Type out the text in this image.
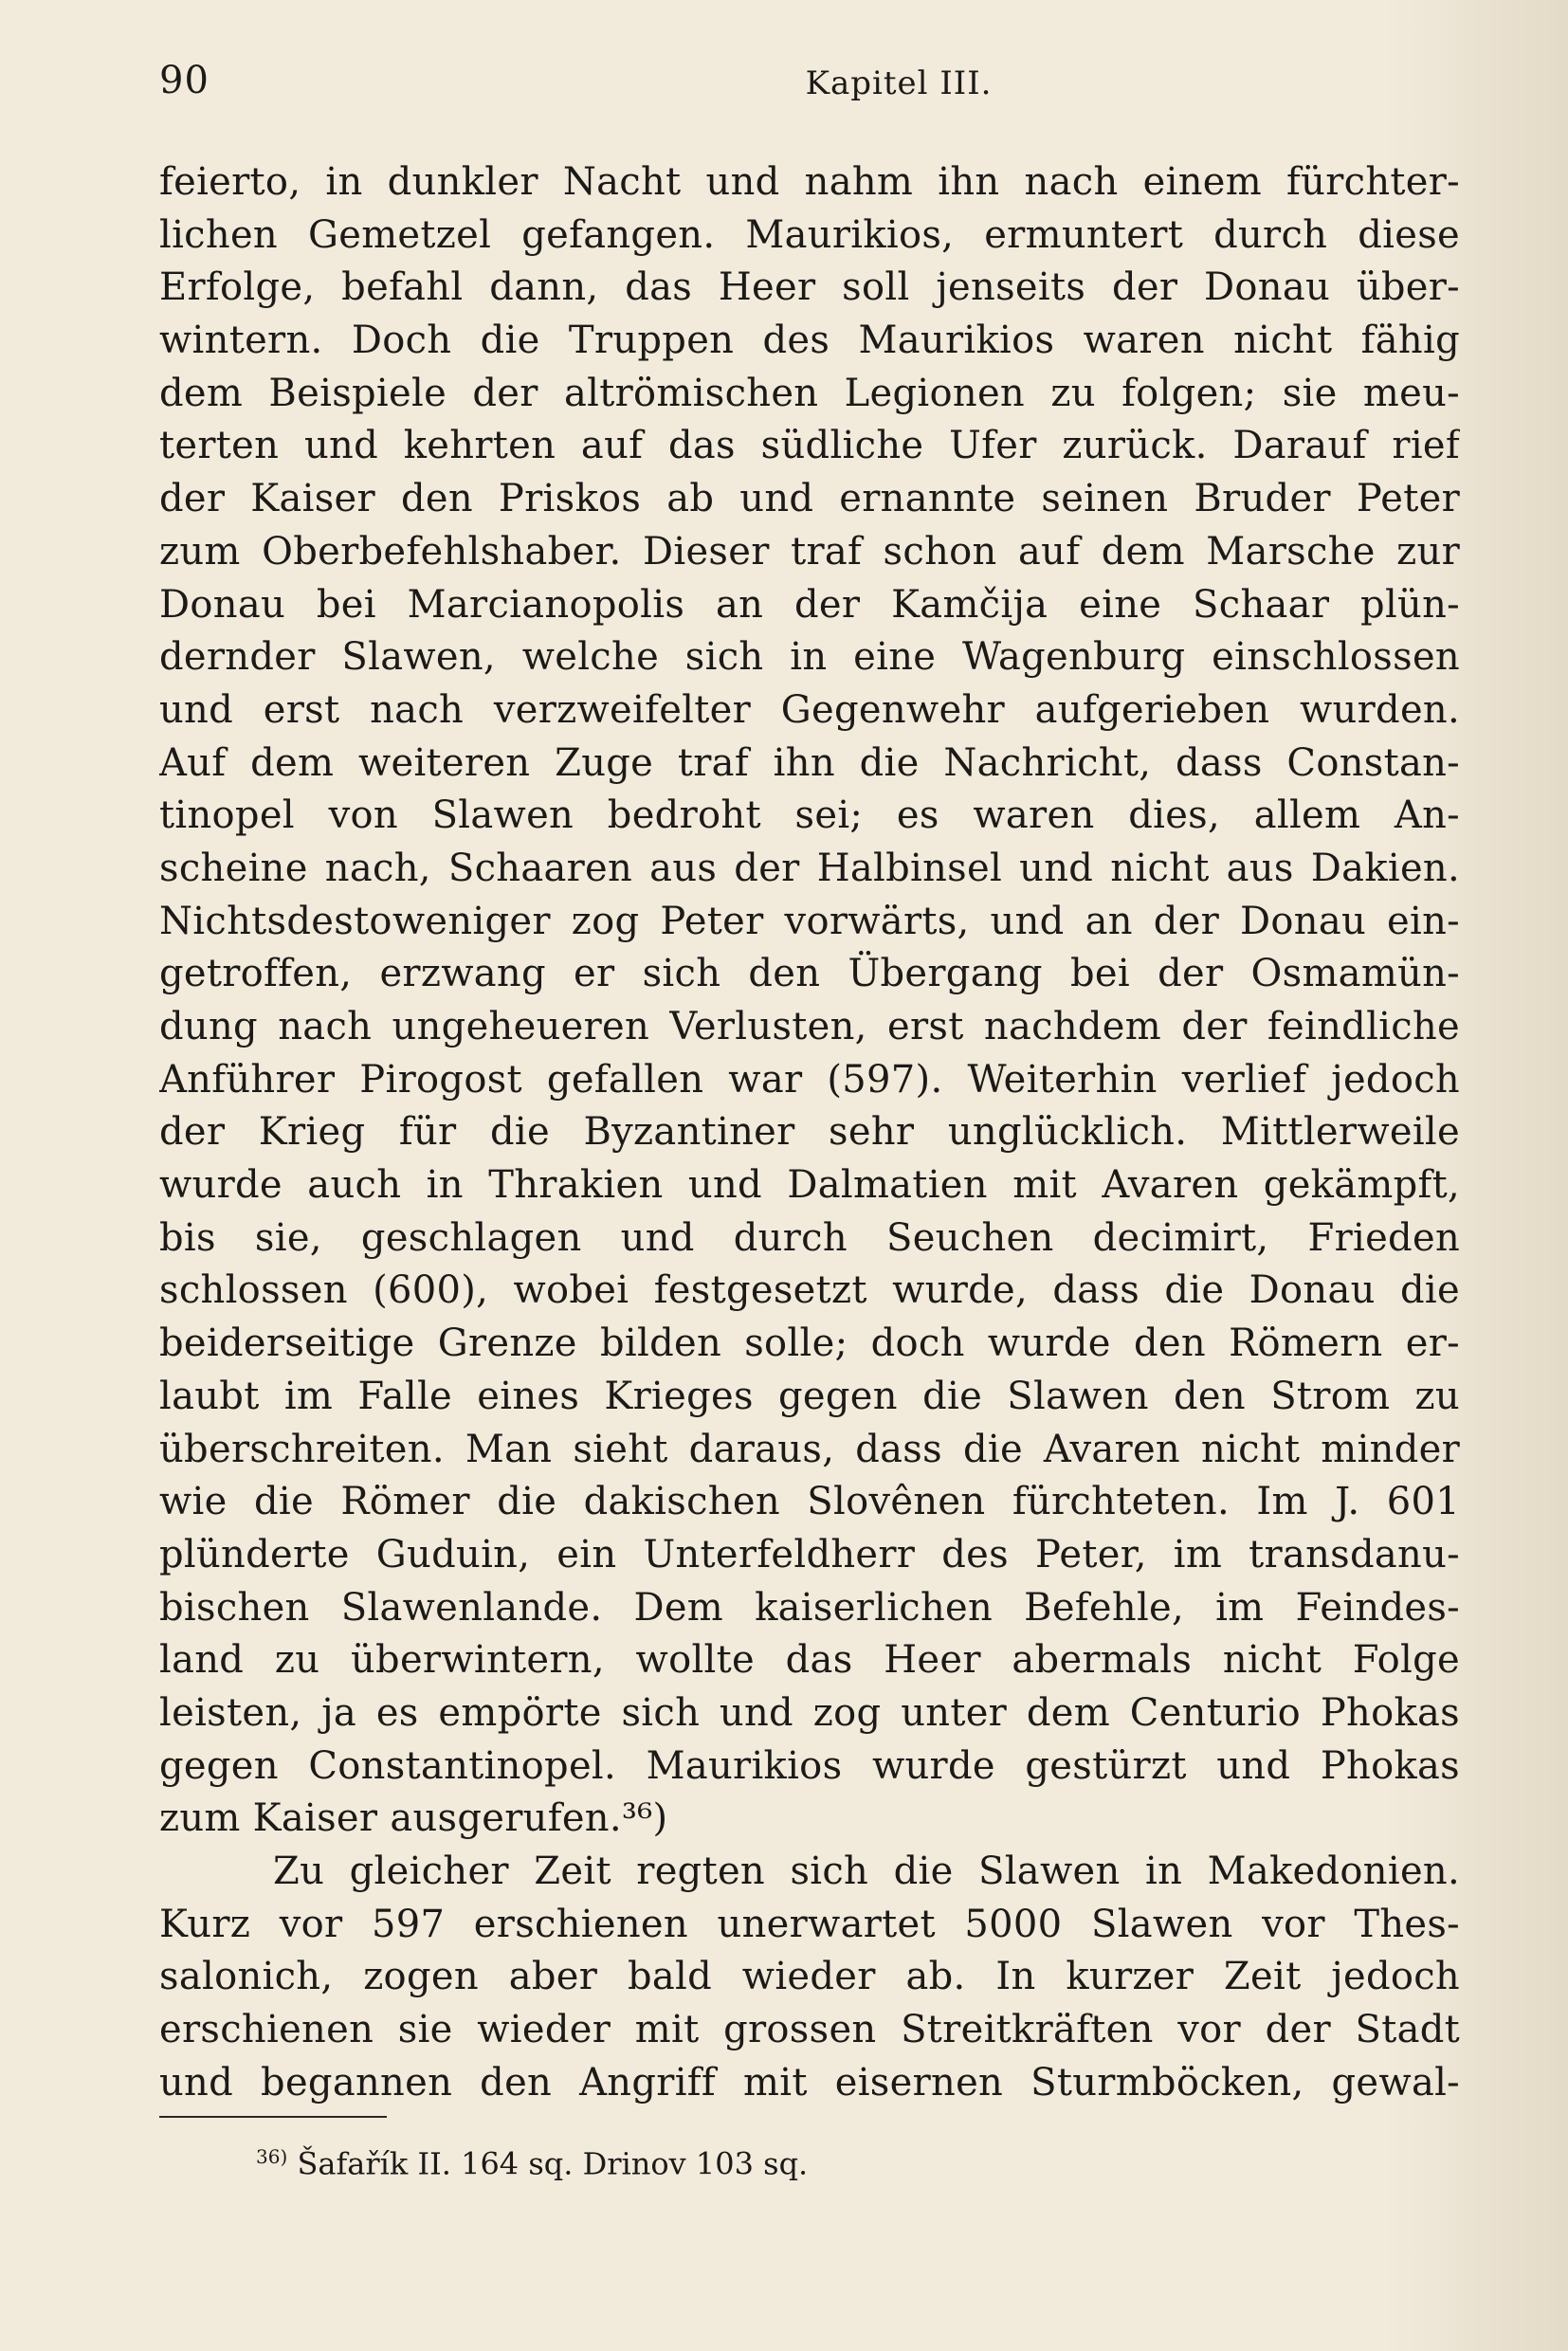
90	Kapitel III.
feierto, in dunkler Nacht und nahm ihn nach einem fürchter-
lichen Gemetzel gefangen. Maurikios, ermuntert durch diese
Erfolge, befahl dann, das Heer soll jenseits der Donau über-
wintern. Doch die Truppen des Maurikios waren nicht fähig
dem Beispiele der altrömischen Legionen zu folgen; sie meu-
terten und kehrten auf das südliche Ufer zurück. Darauf rief
der Kaiser den Priskos ab und ernannte seinen Bruder Peter
zum Oberbefehlshaber. Dieser traf schon auf dem Marsche zur
Donau bei Marcianopolis an der Kamčija eine Schaar plün-
dernder Slawen, welche sich in eine Wagenburg einschlossen
und erst nach verzweifelter Gegenwehr aufgerieben wurden.
Auf dem weiteren Zuge traf ihn die Nachricht, dass Constan-
tinopel von Slawen bedroht sei; es waren dies, allem An-
scheine nach, Schaaren aus der Halbinsel und nicht aus Dakien.
Nichtsdestoweniger zog Peter vorwärts, und an der Donau ein-
getroffen, erzwang er sich den Übergang bei der Osmamün-
dung nach ungeheueren Verlusten, erst nachdem der feindliche
Anführer Pirogost gefallen war (597). Weiterhin verlief jedoch
der Krieg für die Byzantiner sehr unglücklich. Mittlerweile
wurde auch in Thrakien und Dalmatien mit Avaren gekämpft,
bis sie, geschlagen und durch Seuchen decimirt, Frieden
schlossen (600), wobei festgesetzt wurde, dass die Donau die
beiderseitige Grenze bilden solle; doch wurde den Römern er-
laubt im Falle eines Krieges gegen die Slawen den Strom zu
überschreiten. Man sieht daraus, dass die Avaren nicht minder
wie die Römer die dakischen Slovênen fürchteten. Im J. 601
plünderte Guduin, ein Unterfeldherr des Peter, im transdanu-
bischen Slawenlande. Dem kaiserlichen Befehle, im Feindes-
land zu überwintern, wollte das Heer abermals nicht Folge
leisten, ja es empörte sich und zog unter dem Centurio Phokas
gegen Constantinopel. Maurikios wurde gestürzt und Phokas
zum Kaiser ausgerufen.³⁶)
Zu gleicher Zeit regten sich die Slawen in Makedonien.
Kurz vor 597 erschienen unerwartet 5000 Slawen vor Thes-
salonich, zogen aber bald wieder ab. In kurzer Zeit jedoch
erschienen sie wieder mit grossen Streitkräften vor der Stadt
und begannen den Angriff mit eisernen Sturmböcken, gewal-
$^{36)}$ Šafařík II. 164 sq. Drinov 103 sq.
